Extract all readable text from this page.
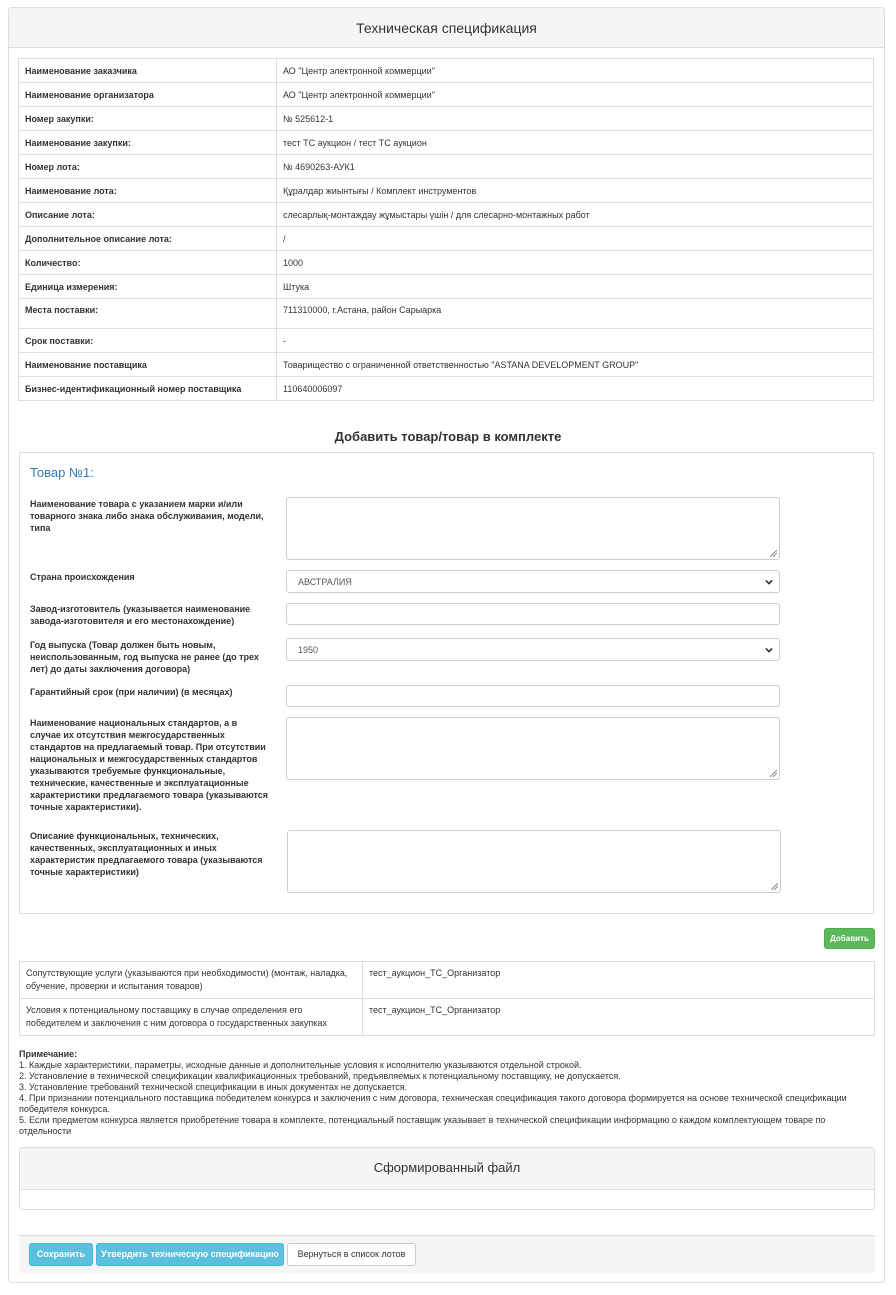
Техническая спецификация
Наименование заказчика	АО "Центр электронной коммерции"
Наименование организатора	АО "Центр электронной коммерции"
Номер закупки:	№ 525612-1
Наименование закупки:	тест ТС аукцион / тест ТС аукцион
Номер лота:	№ 4690263-АУК1
Наименование лота:	Құралдар жиынтығы / Комплект инструментов
Описание лота:	слесарлық-монтаждау жұмыстары үшін / для слесарно-монтажных работ
Дополнительное описание лота:	/
Количество:	1000
Единица измерения:	Штука
Места поставки:	711310000, г.Астана, район Сарыарка
Срок поставки:	-
Наименование поставщика	Товарищество с ограниченной ответственностью "ASTANA DEVELOPMENT GROUP"
Бизнес-идентификационный номер поставщика	110640006097
Добавить товар/товар в комплекте
Товар №1:
Наименование товара с указанием марки и/или товарного знака либо знака обслуживания, модели, типа
Страна происхождения	АВСТРАЛИЯ
Завод-изготовитель (указывается наименование завода-изготовителя и его местонахождение)
Год выпуска (Товар должен быть новым, неиспользованным, год выпуска не ранее (до трех лет) до даты заключения договора)
1950
Гарантийный срок (при наличии) (в месяцах)
Наименование национальных стандартов, а в случае их отсутствия межгосударственных стандартов на предлагаемый товар. При отсутствии национальных и межгосударственных стандартов указываются требуемые функциональные, технические, качественные и эксплуатационные характеристики предлагаемого товара (указываются точные характеристики).
Описание функциональных, технических, качественных, эксплуатационных и иных характеристик предлагаемого товара (указываются точные характеристики)
Добавить
Сопутствующие услуги (указываются при необходимости) (монтаж, наладка, обучение, проверки и испытания товаров)	тест_аукцион_ТС_Организатор
Условия к потенциальному поставщику в случае определения его победителем и заключения с ним договора о государственных закупках	тест_аукцион_ТС_Организатор
Примечание:
1. Каждые характеристики, параметры, исходные данные и дополнительные условия к исполнителю указываются отдельной строкой.
2. Установление в технической спецификации квалификационных требований, предъявляемых к потенциальному поставщику, не допускается.
3. Установление требований технической спецификации в иных документах не допускается.
4. При признании потенциального поставщика победителем конкурса и заключения с ним договора, техническая спецификация такого договора формируется на основе технической спецификации победителя конкурса.
5. Если предметом конкурса является приобретение товара в комплекте, потенциальный поставщик указывает в технической спецификации информацию о каждом комплектующем товаре по отдельности
Сформированный файл
Сохранить	Утвердить техническую спецификацию	Вернуться в список лотов
